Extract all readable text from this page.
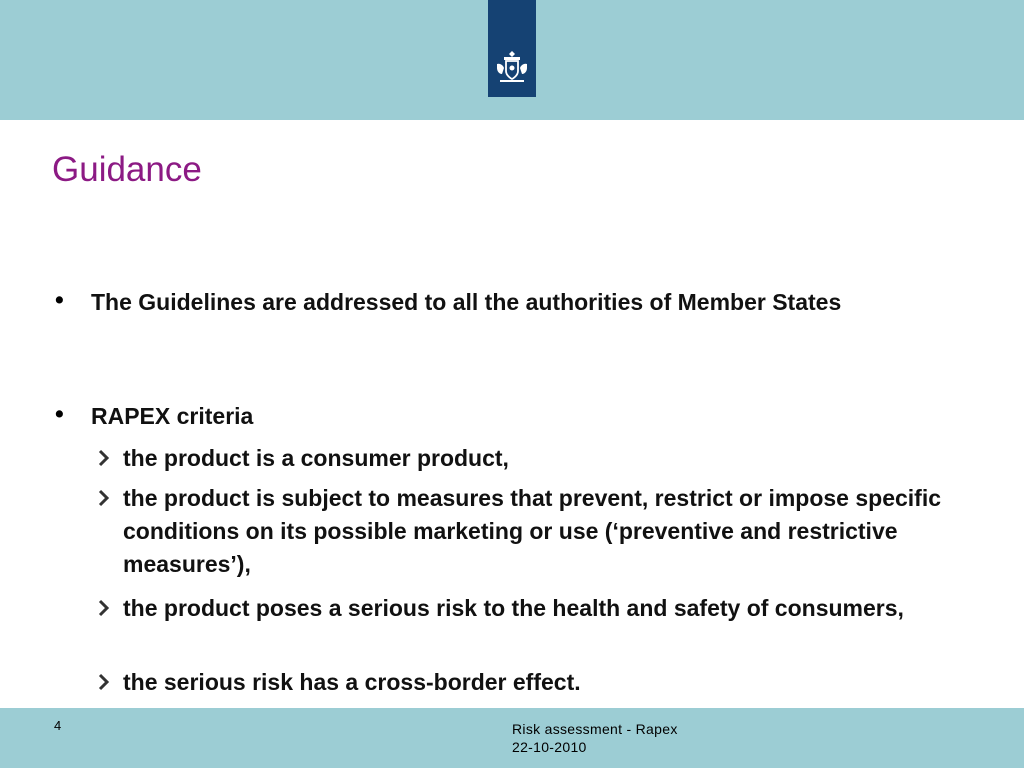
Guidance
• The Guidelines are addressed to all the authorities of Member States
• RAPEX criteria
the product is a consumer product,
the product is subject to measures that prevent, restrict or impose specific conditions on its possible marketing or use (‘preventive and restrictive measures’),
the product poses a serious risk to the health and safety of consumers,
the serious risk has a cross-border effect.
4	Risk assessment - Rapex
22-10-2010
